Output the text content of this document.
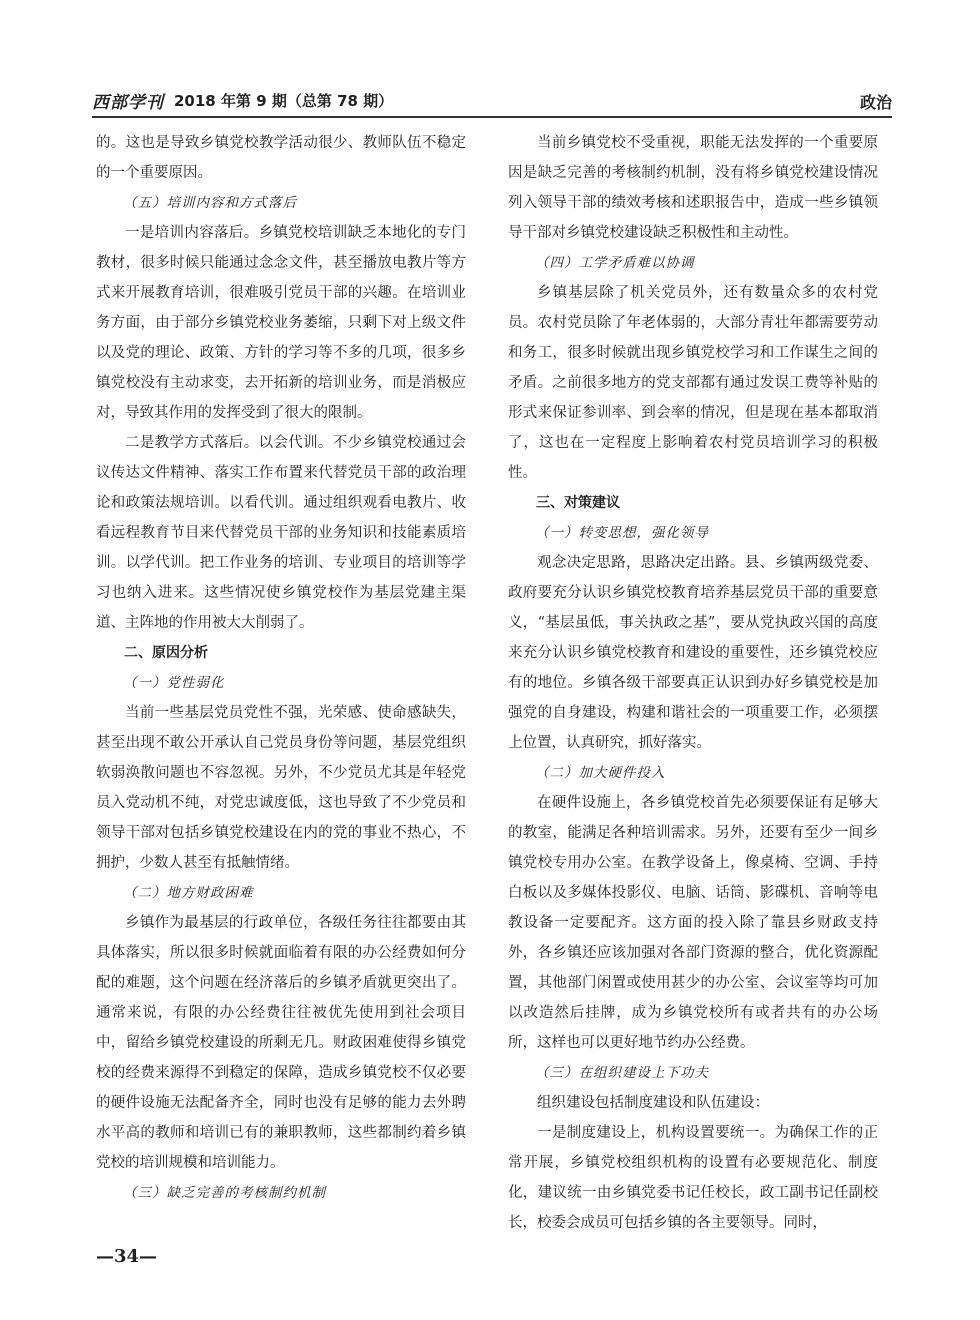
西部学刊 2018 年第 9 期（总第 78 期）	政治

的。这也是导致乡镇党校教学活动很少、教师队伍不稳定的一个重要原因。

（五）培训内容和方式落后

一是培训内容落后。乡镇党校培训缺乏本地化的专门教材，很多时候只能通过念念文件，甚至播放电教片等方式来开展教育培训，很难吸引党员干部的兴趣。在培训业务方面，由于部分乡镇党校业务萎缩，只剩下对上级文件以及党的理论、政策、方针的学习等不多的几项，很多乡镇党校没有主动求变，去开拓新的培训业务，而是消极应对，导致其作用的发挥受到了很大的限制。

二是教学方式落后。以会代训。不少乡镇党校通过会议传达文件精神、落实工作布置来代替党员干部的政治理论和政策法规培训。以看代训。通过组织观看电教片、收看远程教育节目来代替党员干部的业务知识和技能素质培训。以学代训。把工作业务的培训、专业项目的培训等学习也纳入进来。这些情况使乡镇党校作为基层党建主渠道、主阵地的作用被大大削弱了。

二、原因分析

（一）党性弱化

当前一些基层党员党性不强，光荣感、使命感缺失，甚至出现不敢公开承认自己党员身份等问题，基层党组织软弱涣散问题也不容忽视。另外，不少党员尤其是年轻党员入党动机不纯，对党忠诚度低，这也导致了不少党员和领导干部对包括乡镇党校建设在内的党的事业不热心，不拥护，少数人甚至有抵触情绪。

（二）地方财政困难

乡镇作为最基层的行政单位，各级任务往往都要由其具体落实，所以很多时候就面临着有限的办公经费如何分配的难题，这个问题在经济落后的乡镇矛盾就更突出了。通常来说，有限的办公经费往往被优先使用到社会项目中，留给乡镇党校建设的所剩无几。财政困难使得乡镇党校的经费来源得不到稳定的保障，造成乡镇党校不仅必要的硬件设施无法配备齐全，同时也没有足够的能力去外聘水平高的教师和培训已有的兼职教师，这些都制约着乡镇党校的培训规模和培训能力。

（三）缺乏完善的考核制约机制

当前乡镇党校不受重视，职能无法发挥的一个重要原因是缺乏完善的考核制约机制，没有将乡镇党校建设情况列入领导干部的绩效考核和述职报告中，造成一些乡镇领导干部对乡镇党校建设缺乏积极性和主动性。

（四）工学矛盾难以协调

乡镇基层除了机关党员外，还有数量众多的农村党员。农村党员除了年老体弱的，大部分青壮年都需要劳动和务工，很多时候就出现乡镇党校学习和工作谋生之间的矛盾。之前很多地方的党支部都有通过发误工费等补贴的形式来保证参训率、到会率的情况，但是现在基本都取消了，这也在一定程度上影响着农村党员培训学习的积极性。

三、对策建议

（一）转变思想，强化领导

观念决定思路，思路决定出路。县、乡镇两级党委、政府要充分认识乡镇党校教育培养基层党员干部的重要意义，“基层虽低，事关执政之基”，要从党执政兴国的高度来充分认识乡镇党校教育和建设的重要性，还乡镇党校应有的地位。乡镇各级干部要真正认识到办好乡镇党校是加强党的自身建设，构建和谐社会的一项重要工作，必须摆上位置，认真研究，抓好落实。

（二）加大硬件投入

在硬件设施上，各乡镇党校首先必须要保证有足够大的教室，能满足各种培训需求。另外，还要有至少一间乡镇党校专用办公室。在教学设备上，像桌椅、空调、手持白板以及多媒体投影仪、电脑、话筒、影碟机、音响等电教设备一定要配齐。这方面的投入除了靠县乡财政支持外，各乡镇还应该加强对各部门资源的整合，优化资源配置，其他部门闲置或使用甚少的办公室、会议室等均可加以改造然后挂牌，成为乡镇党校所有或者共有的办公场所，这样也可以更好地节约办公经费。

（三）在组织建设上下功夫

组织建设包括制度建设和队伍建设：

一是制度建设上，机构设置要统一。为确保工作的正常开展，乡镇党校组织机构的设置有必要规范化、制度化，建议统一由乡镇党委书记任校长，政工副书记任副校长，校委会成员可包括乡镇的各主要领导。同时，

—34—
